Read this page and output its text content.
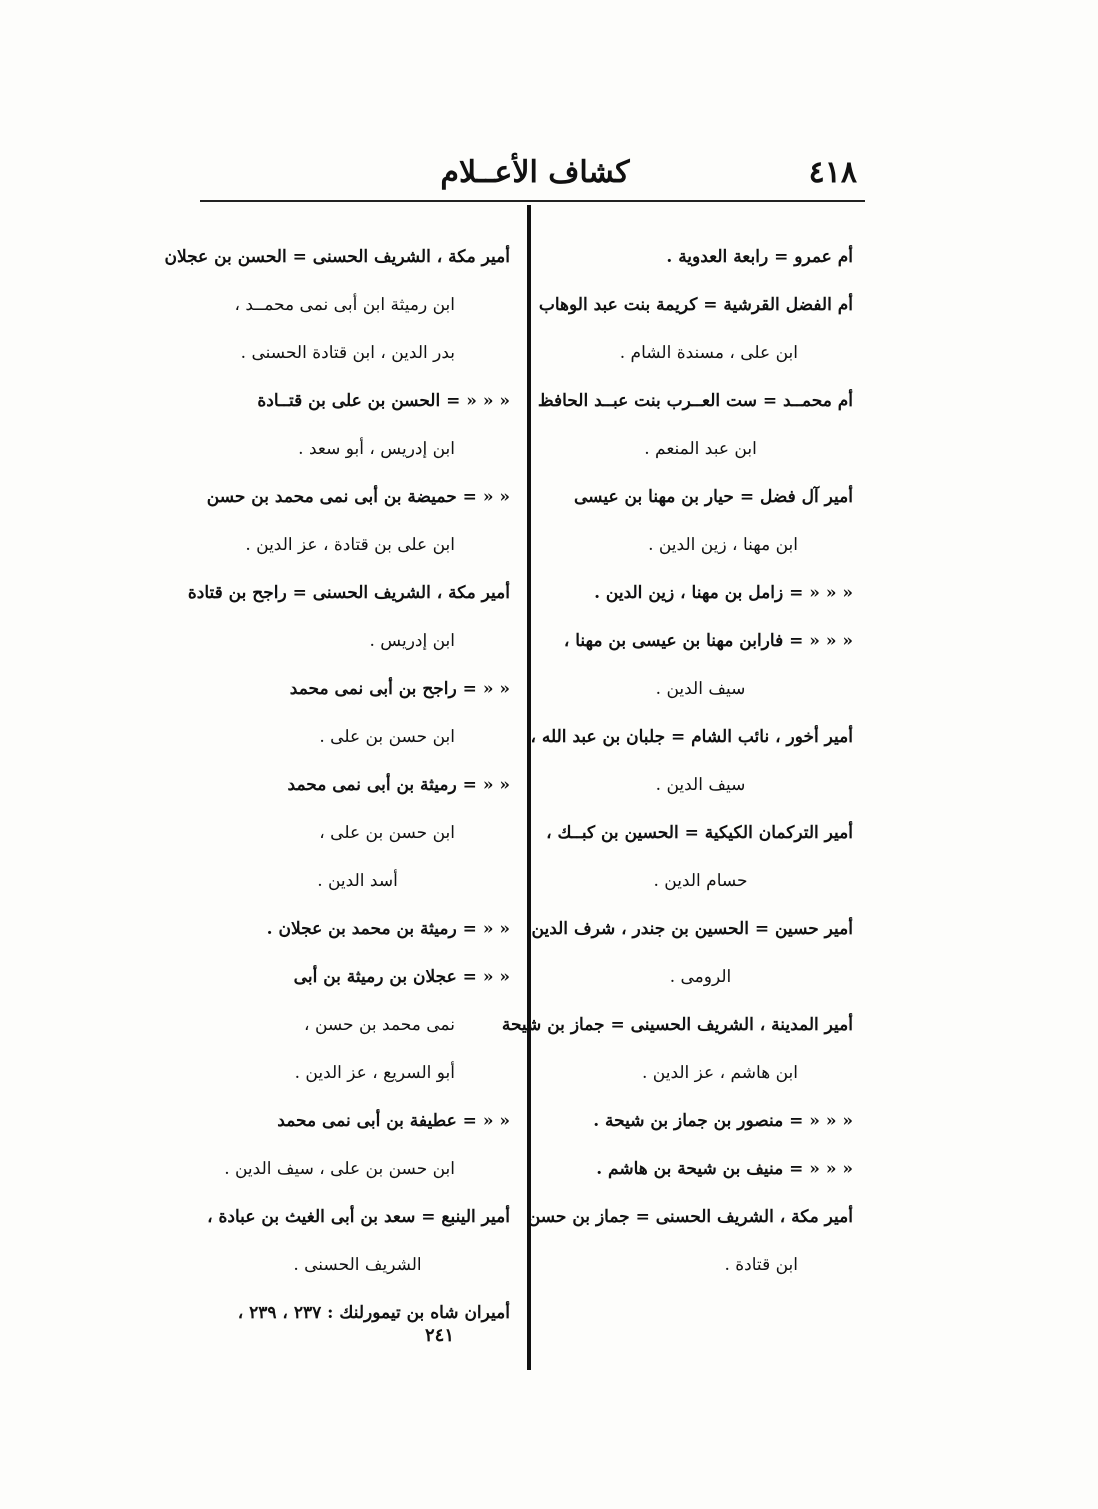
٤١٨
كشاف الأعــلام
أم عمرو = رابعة العدوية .
أم الفضل القرشية = كريمة بنت عبد الوهاب
ابن على ، مسندة الشام .
أم محمــد = ست العــرب بنت عبــد الحافظ
ابن عبد المنعم .
أمير آل فضل = حيار بن مهنا بن عيسى
ابن مهنا ، زين الدين .
« « « = زامل بن مهنا ، زين الدين .
« « « = فارابن مهنا بن عيسى بن مهنا ،
سيف الدين .
أمير أخور ، نائب الشام = جلبان بن عبد الله ،
سيف الدين .
أمير التركمان الكيكية = الحسين بن كبــك ،
حسام الدين .
أمير حسين = الحسين بن جندر ، شرف الدين
الرومى .
أمير المدينة ، الشريف الحسينى = جماز بن شيحة
ابن هاشم ، عز الدين .
« « « = منصور بن جماز بن شيحة .
« « « = منيف بن شيحة بن هاشم .
أمير مكة ، الشريف الحسنى = جماز بن حسن
ابن قتادة .
أمير مكة ، الشريف الحسنى = الحسن بن عجلان
ابن رميثة ابن أبى نمى محمــد ،
بدر الدين ، ابن قتادة الحسنى .
« « « = الحسن بن على بن قتــادة
ابن إدريس ، أبو سعد .
« « = حميضة بن أبى نمى محمد بن حسن
ابن على بن قتادة ، عز الدين .
أمير مكة ، الشريف الحسنى = راجح بن قتادة
ابن إدريس .
« « = راجح بن أبى نمى محمد
ابن حسن بن على .
« « = رميثة بن أبى نمى محمد
ابن حسن بن على ،
أسد الدين .
« « = رميثة بن محمد بن عجلان .
« « = عجلان بن رميثة بن أبى
نمى محمد بن حسن ،
أبو السريع ، عز الدين .
« « = عطيفة بن أبى نمى محمد
ابن حسن بن على ، سيف الدين .
أمير الينبع = سعد بن أبى الغيث بن عبادة ،
الشريف الحسنى .
أميران شاه بن تيمورلنك : ٢٣٧ ، ٢٣٩ ،
٢٤١
